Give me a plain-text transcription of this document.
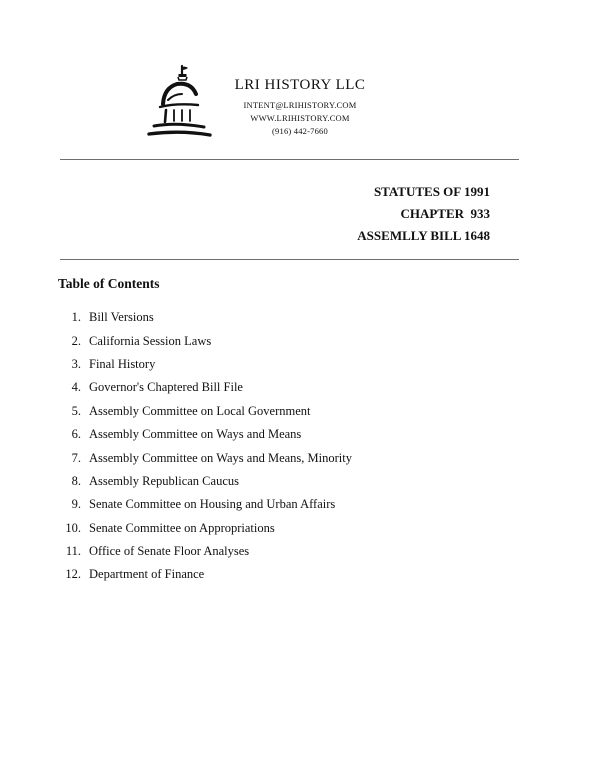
LRI HISTORY LLC
INTENT@LRIHISTORY.COM
WWW.LRIHISTORY.COM
(916) 442-7660
STATUTES OF 1991
CHAPTER  933
ASSEMLLY BILL 1648
Table of Contents
1. Bill Versions
2. California Session Laws
3. Final History
4. Governor's Chaptered Bill File
5. Assembly Committee on Local Government
6. Assembly Committee on Ways and Means
7. Assembly Committee on Ways and Means, Minority
8. Assembly Republican Caucus
9. Senate Committee on Housing and Urban Affairs
10. Senate Committee on Appropriations
11. Office of Senate Floor Analyses
12. Department of Finance
